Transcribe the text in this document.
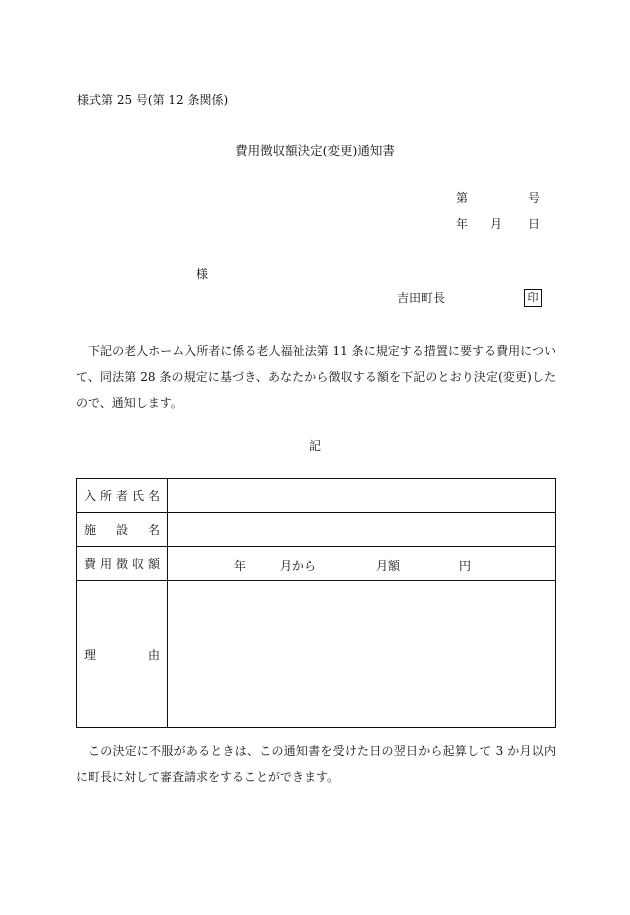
様式第 25 号(第 12 条関係)
費用徴収額決定(変更)通知書
第	号
年 月 日
様
吉田町長	印
下記の老人ホーム入所者に係る老人福祉法第 11 条に規定する措置に要する費用について、同法第 28 条の規定に基づき、あなたから徴収する額を下記のとおり決定(変更)したので、通知します。
記
入所者氏名	
施設名	
費用徴収額	年 月から 月額 円

理由	
この決定に不服があるときは、この通知書を受けた日の翌日から起算して 3 か月以内に町長に対して審査請求をすることができます。
